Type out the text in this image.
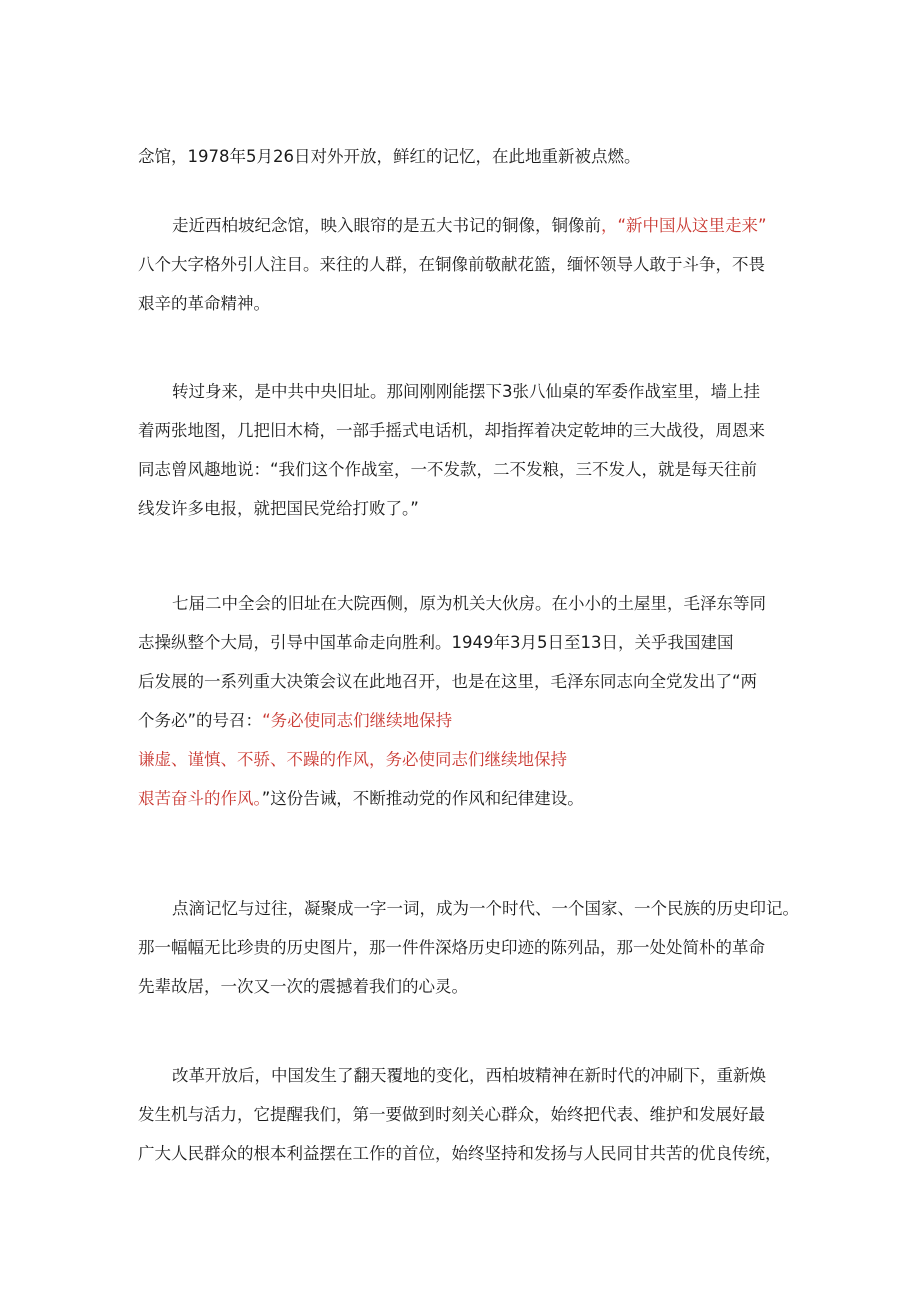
念馆，1978年5月26日对外开放，鲜红的记忆，在此地重新被点燃。

走近西柏坡纪念馆，映入眼帘的是五大书记的铜像，铜像前，“新中国从这里走来”
八个大字格外引人注目。来往的人群，在铜像前敬献花篮，缅怀领导人敢于斗争，不畏
艰辛的革命精神。

转过身来，是中共中央旧址。那间刚刚能摆下3张八仙桌的军委作战室里，墙上挂
着两张地图，几把旧木椅，一部手摇式电话机，却指挥着决定乾坤的三大战役，周恩来
同志曾风趣地说：“我们这个作战室，一不发款，二不发粮，三不发人，就是每天往前
线发许多电报，就把国民党给打败了。”

七届二中全会的旧址在大院西侧，原为机关大伙房。在小小的土屋里，毛泽东等同
志操纵整个大局，引导中国革命走向胜利。1949年3月5日至13日，关乎我国建国
后发展的一系列重大决策会议在此地召开，也是在这里，毛泽东同志向全党发出了“两
个务必”的号召：“务必使同志们继续地保持
谦虚、谨慎、不骄、不躁的作风，务必使同志们继续地保持
艰苦奋斗的作风。”这份告诫，不断推动党的作风和纪律建设。

点滴记忆与过往，凝聚成一字一词，成为一个时代、一个国家、一个民族的历史印记。
那一幅幅无比珍贵的历史图片，那一件件深烙历史印迹的陈列品，那一处处简朴的革命
先辈故居，一次又一次的震撼着我们的心灵。

改革开放后，中国发生了翻天覆地的变化，西柏坡精神在新时代的冲刷下，重新焕
发生机与活力，它提醒我们，第一要做到时刻关心群众，始终把代表、维护和发展好最
广大人民群众的根本利益摆在工作的首位，始终坚持和发扬与人民同甘共苦的优良传统，
